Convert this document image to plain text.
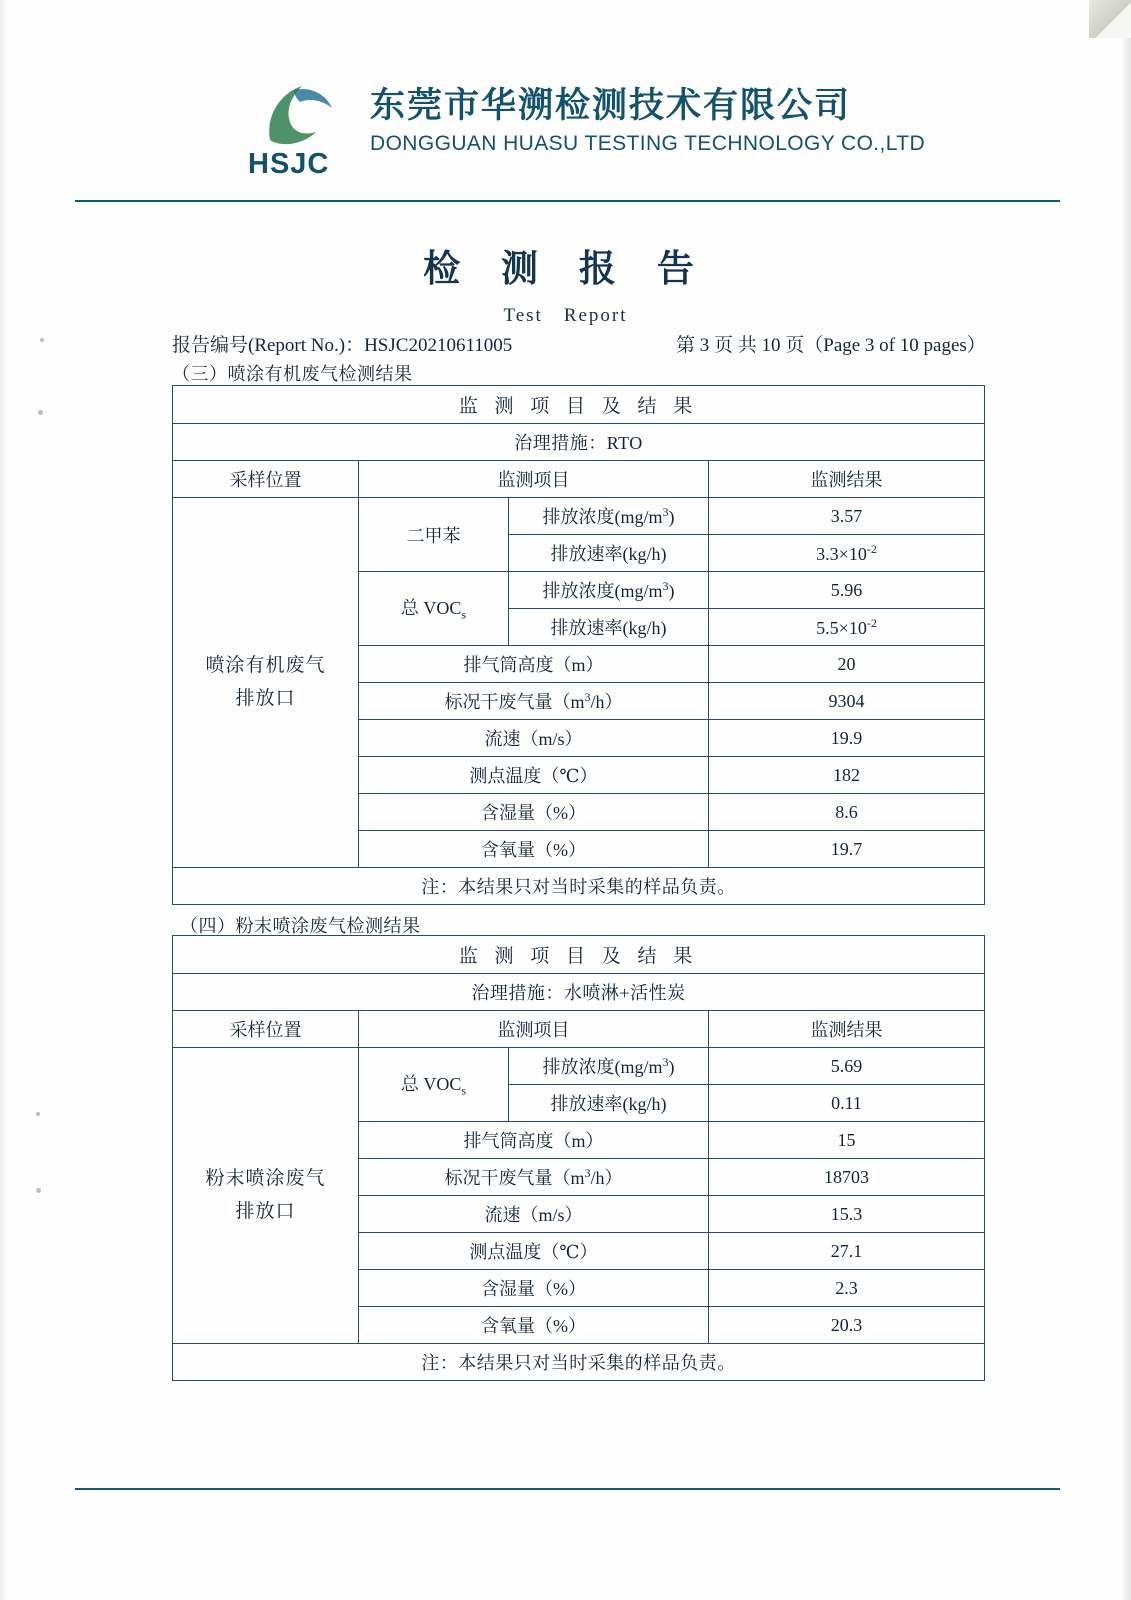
HSJC
东莞市华溯检测技术有限公司
DONGGUAN HUASU TESTING TECHNOLOGY CO.,LTD
检 测 报 告
Test　Report
报告编号(Report No.)：HSJC20210611005	第 3 页 共 10 页（Page 3 of 10 pages）
（三）喷涂有机废气检测结果
监 测 项 目 及 结 果			
治理措施：RTO			
采样位置	监测项目		监测结果
喷涂有机废气
排放口	二甲苯	排放浓度$(mg/m^3)$	3.57
		排放速率(kg/h)	$3.3\times 10^{-2}$
	总 $VOC_s$	排放浓度$(mg/m^3)$	5.96
		排放速率(kg/h)	$5.5\times 10^{-2}$
	排气筒高度（m）		20
	标况干废气量$(m^3/h)$		9304
	流速（m/s）		19.9
	测点温度（℃）		182
	含湿量（%）		8.6
	含氧量（%）		19.7
注：本结果只对当时采集的样品负责。			
（四）粉末喷涂废气检测结果
监 测 项 目 及 结 果			
治理措施：水喷淋+活性炭			
采样位置	监测项目		监测结果
粉末喷涂废气
排放口	总 $VOC_s$	排放浓度$(mg/m^3)$	5.69
		排放速率(kg/h)	0.11
	排气筒高度（m）		15
	标况干废气量$(m^3/h)$		18703
	流速（m/s）		15.3
	测点温度（℃）		27.1
	含湿量（%）		2.3
	含氧量（%）		20.3
注：本结果只对当时采集的样品负责。			
